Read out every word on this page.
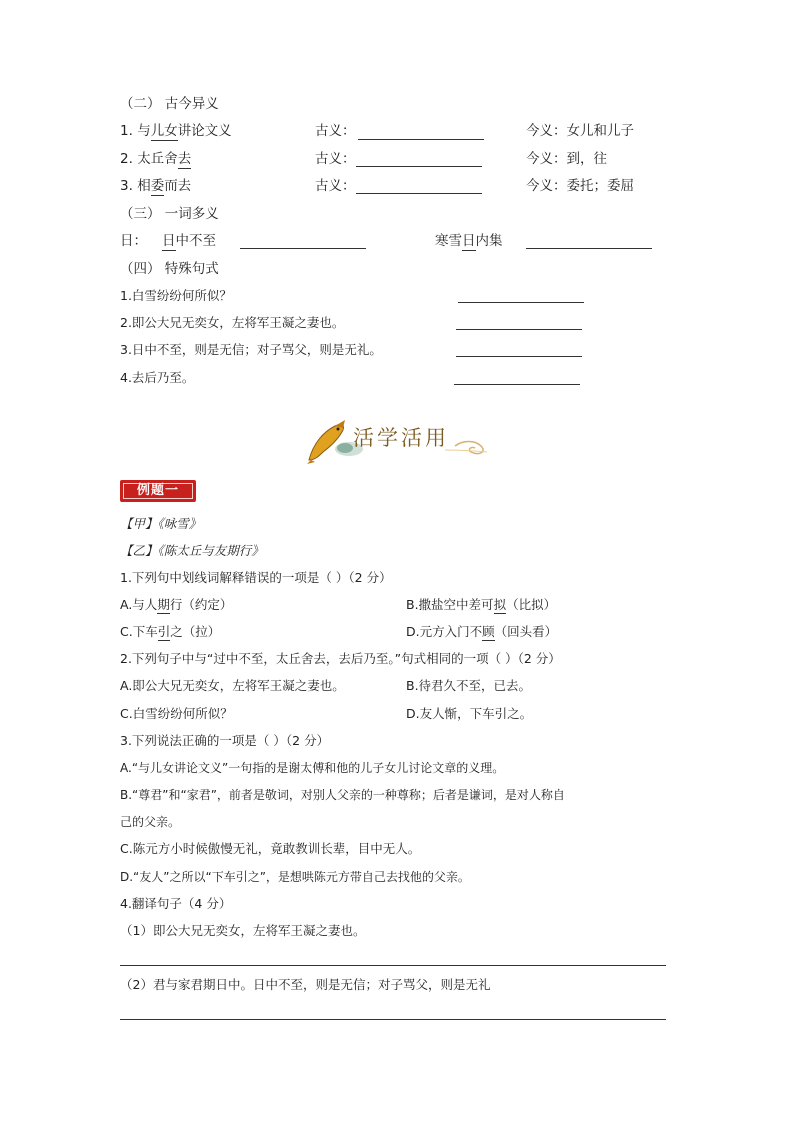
（二） 古今异义
1. 与儿女讲论文义	古义：	今义：女儿和儿子
2. 太丘舍去	古义：	今义：到，往
3. 相委而去	古义：	今义：委托；委屈
（三） 一词多义
日： 日中不至	寒雪日内集
（四） 特殊句式
1.白雪纷纷何所似？
2.即公大兄无奕女，左将军王凝之妻也。
3.日中不至，则是无信；对子骂父，则是无礼。
4.去后乃至。
活学活用
例题一
【甲】《咏雪》
【乙】《陈太丘与友期行》
1.下列句中划线词解释错误的一项是（ ）（2 分）
A.与人期行（约定）	B.撒盐空中差可拟（比拟）
C.下车引之（拉）	D.元方入门不顾（回头看）
2.下列句子中与“过中不至，太丘舍去，去后乃至。”句式相同的一项（ ）（2 分）
A.即公大兄无奕女，左将军王凝之妻也。	B.待君久不至，已去。
C.白雪纷纷何所似？	D.友人惭，下车引之。
3.下列说法正确的一项是（ ）（2 分）
A.“与儿女讲论文义”一句指的是谢太傅和他的儿子女儿讨论文章的义理。
B.“尊君”和“家君”，前者是敬词，对别人父亲的一种尊称；后者是谦词，是对人称自
己的父亲。
C.陈元方小时候傲慢无礼，竟敢教训长辈，目中无人。
D.“友人”之所以“下车引之”，是想哄陈元方带自己去找他的父亲。
4.翻译句子（4 分）
（1）即公大兄无奕女，左将军王凝之妻也。
（2）君与家君期日中。日中不至，则是无信；对子骂父，则是无礼
